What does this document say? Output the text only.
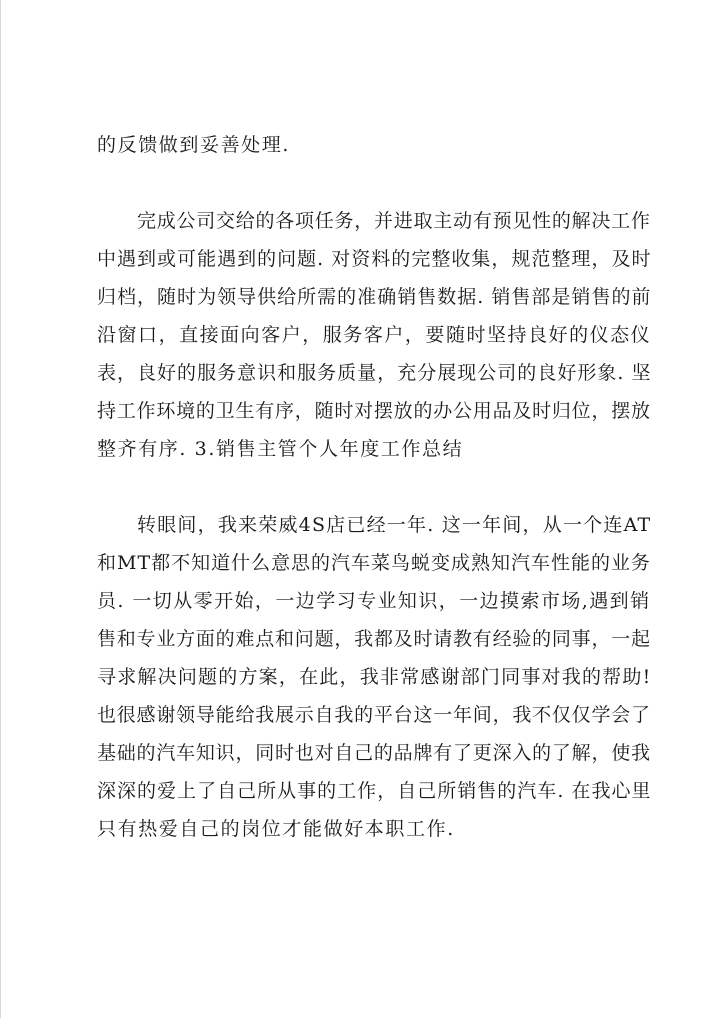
的反馈做到妥善处理.
完成公司交给的各项任务，并进取主动有预见性的解决工作
中遇到或可能遇到的问题. 对资料的完整收集，规范整理，及时
归档，随时为领导供给所需的准确销售数据. 销售部是销售的前
沿窗口，直接面向客户，服务客户，要随时坚持良好的仪态仪
表，良好的服务意识和服务质量，充分展现公司的良好形象. 坚
持工作环境的卫生有序，随时对摆放的办公用品及时归位，摆放
整齐有序. 3.销售主管个人年度工作总结
转眼间，我来荣威4S店已经一年. 这一年间，从一个连AT
和MT都不知道什么意思的汽车菜鸟蜕变成熟知汽车性能的业务
员. 一切从零开始，一边学习专业知识，一边摸索市场,遇到销
售和专业方面的难点和问题，我都及时请教有经验的同事，一起
寻求解决问题的方案，在此，我非常感谢部门同事对我的帮助!
也很感谢领导能给我展示自我的平台这一年间，我不仅仅学会了
基础的汽车知识，同时也对自己的品牌有了更深入的了解，使我
深深的爱上了自己所从事的工作，自己所销售的汽车. 在我心里
只有热爱自己的岗位才能做好本职工作.
